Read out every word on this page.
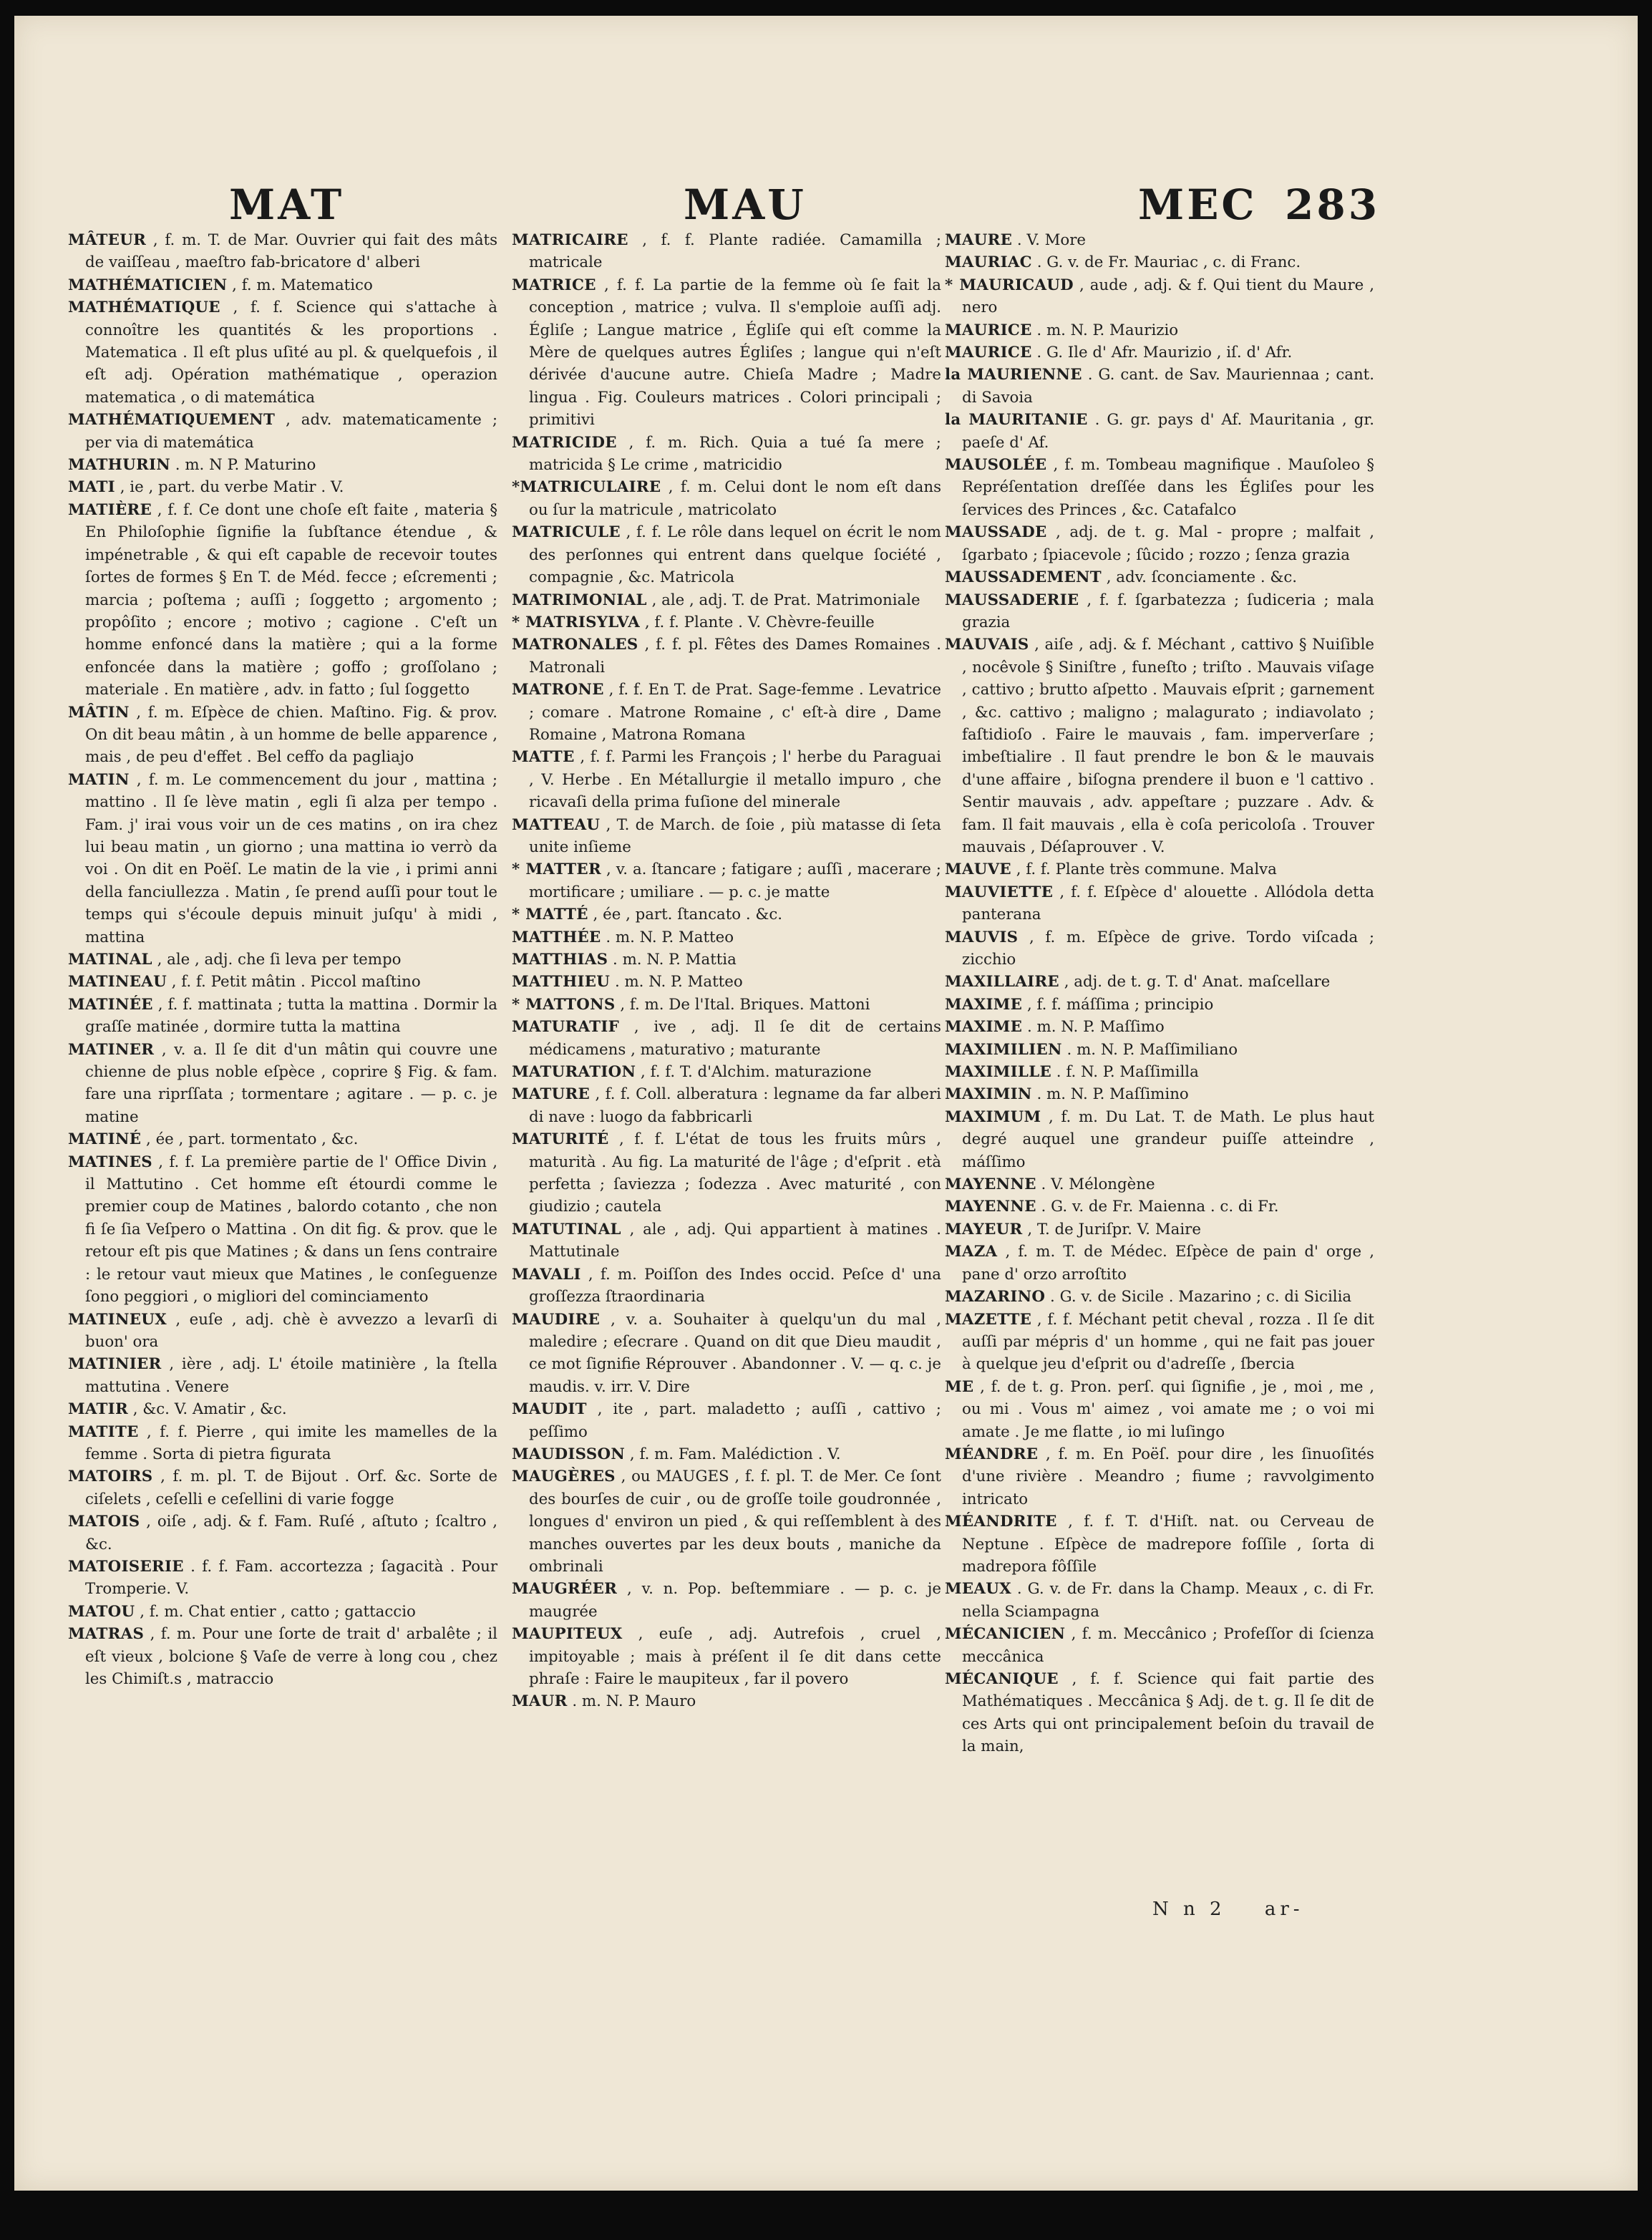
MAT	MAU	MEC 283

MÂTEUR , f. m. T. de Mar. Ouvrier qui fait des mâts de vaiſſeau , maeſtro fab-bricatore d' alberi

MATHÉMATICIEN , f. m. Matematico

MATHÉMATIQUE , f. f. Science qui s'attache à connoître les quantités & les proportions . Matematica . Il eſt plus uſité au pl. & quelquefois , il eſt adj. Opération mathématique , operazion matematica , o di matemática

MATHÉMATIQUEMENT , adv. matematicamente ; per via di matemática

MATHURIN . m. N P. Maturino

MATI , ie , part. du verbe Matir . V.

MATIÈRE , f. f. Ce dont une choſe eſt faite , materia § En Philoſophie ſignifie la ſubſtance étendue , & impénetrable , & qui eſt capable de recevoir toutes ſortes de formes § En T. de Méd. fecce ; eſcrementi ; marcia ; poſtema ; auſſi ; ſoggetto ; argomento ; propôſito ; encore ; motivo ; cagione . C'eſt un homme enfoncé dans la matière ; qui a la forme enfoncée dans la matière ; goffo ; groſſolano ; materiale . En matière , adv. in fatto ; ſul ſoggetto

MÂTIN , f. m. Eſpèce de chien. Maſtino. Fig. & prov. On dit beau mâtin , à un homme de belle apparence , mais , de peu d'effet . Bel ceffo da pagliajo

MATIN , f. m. Le commencement du jour , mattina ; mattino . Il ſe lève matin , egli ſi alza per tempo . Fam. j' irai vous voir un de ces matins , on ira chez lui beau matin , un giorno ; una mattina io verrò da voi . On dit en Poëſ. Le matin de la vie , i primi anni della fanciullezza . Matin , ſe prend auſſi pour tout le temps qui s'écoule depuis minuit juſqu' à midi , mattina

MATINAL , ale , adj. che ſi leva per tempo

MATINEAU , f. f. Petit mâtin . Piccol maſtino

MATINÉE , f. f. mattinata ; tutta la mattina . Dormir la graſſe matinée , dormire tutta la mattina

MATINER , v. a. Il ſe dit d'un mâtin qui couvre une chienne de plus noble eſpèce , coprire § Fig. & fam. fare una riprſſata ; tormentare ; agitare . — p. c. je matine

MATINÉ , ée , part. tormentato , &c.

MATINES , f. f. La première partie de l' Office Divin , il Mattutino . Cet homme eſt étourdi comme le premier coup de Matines , balordo cotanto , che non fi ſe ſia Veſpero o Mattina . On dit fig. & prov. que le retour eſt pis que Matines ; & dans un ſens contraire : le retour vaut mieux que Matines , le conſeguenze ſono peggiori , o migliori del cominciamento

MATINEUX , euſe , adj. chè è avvezzo a levarſi di buon' ora

MATINIER , ière , adj. L' étoile matinière , la ſtella mattutina . Venere

MATIR , &c. V. Amatir , &c.

MATITE , f. f. Pierre , qui imite les mamelles de la femme . Sorta di pietra figurata

MATOIRS , f. m. pl. T. de Bijout . Orf. &c. Sorte de ciſelets , ceſelli e ceſellini di varie fogge

MATOIS , oiſe , adj. & f. Fam. Ruſé , aſtuto ; ſcaltro , &c.

MATOISERIE . f. f. Fam. accortezza ; ſagacità . Pour Tromperie. V.

MATOU , f. m. Chat entier , catto ; gattaccio

MATRAS , f. m. Pour une ſorte de trait d' arbalête ; il eſt vieux , bolcione § Vaſe de verre à long cou , chez les Chimiſt.s , matraccio

MATRICAIRE , f. f. Plante radiée. Camamilla ; matricale

MATRICE , f. f. La partie de la femme où ſe fait la conception , matrice ; vulva. Il s'emploie auſſi adj. Égliſe ; Langue matrice , Égliſe qui eſt comme la Mère de quelques autres Égliſes ; langue qui n'eſt dérivée d'aucune autre. Chieſa Madre ; Madre lingua . Fig. Couleurs matrices . Colori principali ; primitivi

MATRICIDE , f. m. Rich. Quia a tué ſa mere ; matricida § Le crime , matricidio

*MATRICULAIRE , f. m. Celui dont le nom eſt dans ou ſur la matricule , matricolato

MATRICULE , f. f. Le rôle dans lequel on écrit le nom des perſonnes qui entrent dans quelque ſociété , compagnie , &c. Matricola

MATRIMONIAL , ale , adj. T. de Prat. Matrimoniale

* MATRISYLVA , f. f. Plante . V. Chèvre-feuille

MATRONALES , f. f. pl. Fêtes des Dames Romaines . Matronali

MATRONE , f. f. En T. de Prat. Sage-femme . Levatrice ; comare . Matrone Romaine , c' eſt-à dire , Dame Romaine , Matrona Romana

MATTE , f. f. Parmi les François ; l' herbe du Paraguai , V. Herbe . En Métallurgie il metallo impuro , che ricavaſi della prima fuſione del minerale

MATTEAU , T. de March. de ſoie , più matasse di ſeta unite inſieme

* MATTER , v. a. ſtancare ; fatigare ; auſſi , macerare ; mortificare ; umiliare . — p. c. je matte

* MATTÉ , ée , part. ſtancato . &c.

MATTHÉE . m. N. P. Matteo

MATTHIAS . m. N. P. Mattia

MATTHIEU . m. N. P. Matteo

* MATTONS , f. m. De l'Ital. Briques. Mattoni

MATURATIF , ive , adj. Il ſe dit de certains médicamens , maturativo ; maturante

MATURATION , f. f. T. d'Alchim. maturazione

MATURE , f. f. Coll. alberatura : legname da far alberi di nave : luogo da fabbricarli

MATURITÉ , f. f. L'état de tous les fruits mûrs , maturità . Au fig. La maturité de l'âge ; d'eſprit . età perfetta ; ſaviezza ; ſodezza . Avec maturité , con giudizio ; cautela

MATUTINAL , ale , adj. Qui appartient à matines . Mattutinale

MAVALI , f. m. Poiſſon des Indes occid. Peſce d' una groſſezza ſtraordinaria

MAUDIRE , v. a. Souhaiter à quelqu'un du mal , maledire ; eſecrare . Quand on dit que Dieu maudit , ce mot ſignifie Réprouver . Abandonner . V. — q. c. je maudis. v. irr. V. Dire

MAUDIT , ite , part. maladetto ; auſſi , cattivo ; peſſimo

MAUDISSON , f. m. Fam. Malédiction . V.

MAUGÈRES , ou MAUGES , f. f. pl. T. de Mer. Ce ſont des bourſes de cuir , ou de groſſe toile goudronnée , longues d' environ un pied , & qui reſſemblent à des manches ouvertes par les deux bouts , maniche da ombrinali

MAUGRÉER , v. n. Pop. beſtemmiare . — p. c. je maugrée

MAUPITEUX , euſe , adj. Autrefois , cruel , impitoyable ; mais à préſent il ſe dit dans cette phraſe : Faire le maupiteux , far il povero

MAUR . m. N. P. Mauro

MAURE . V. More

MAURIAC . G. v. de Fr. Mauriac , c. di Franc.

* MAURICAUD , aude , adj. & f. Qui tient du Maure , nero

MAURICE . m. N. P. Maurizio

MAURICE . G. Ile d' Afr. Maurizio , iſ. d' Afr.

la MAURIENNE . G. cant. de Sav. Mauriennaa ; cant. di Savoia

la MAURITANIE . G. gr. pays d' Af. Mauritania , gr. paeſe d' Af.

MAUSOLÉE , f. m. Tombeau magnifique . Mauſoleo § Repréſentation dreſſée dans les Égliſes pour les ſervices des Princes , &c. Catafalco

MAUSSADE , adj. de t. g. Mal - propre ; malfait , ſgarbato ; ſpiacevole ; ſûcido ; rozzo ; ſenza grazia

MAUSSADEMENT , adv. ſconciamente . &c.

MAUSSADERIE , f. f. ſgarbatezza ; ſudiceria ; mala grazia

MAUVAIS , aiſe , adj. & f. Méchant , cattivo § Nuiſible , nocêvole § Siniſtre , funeſto ; triſto . Mauvais viſage , cattivo ; brutto aſpetto . Mauvais eſprit ; garnement , &c. cattivo ; maligno ; malagurato ; indiavolato ; faſtidioſo . Faire le mauvais , fam. imperverſare ; imbeſtialire . Il faut prendre le bon & le mauvais d'une affaire , biſogna prendere il buon e 'l cattivo . Sentir mauvais , adv. appeſtare ; puzzare . Adv. & fam. Il fait mauvais , ella è coſa pericoloſa . Trouver mauvais , Déſaprouver . V.

MAUVE , f. f. Plante très commune. Malva

MAUVIETTE , f. f. Eſpèce d' alouette . Allódola detta panterana

MAUVIS , f. m. Eſpèce de grive. Tordo viſcada ; zicchio

MAXILLAIRE , adj. de t. g. T. d' Anat. maſcellare

MAXIME , f. f. máſſima ; principio

MAXIME . m. N. P. Maſſimo

MAXIMILIEN . m. N. P. Maſſimiliano

MAXIMILLE . f. N. P. Maſſimilla

MAXIMIN . m. N. P. Maſſimino

MAXIMUM , f. m. Du Lat. T. de Math. Le plus haut degré auquel une grandeur puiſſe atteindre , máſſimo

MAYENNE . V. Mélongène

MAYENNE . G. v. de Fr. Maienna . c. di Fr.

MAYEUR , T. de Juriſpr. V. Maire

MAZA , f. m. T. de Médec. Eſpèce de pain d' orge , pane d' orzo arroſtito

MAZARINO . G. v. de Sicile . Mazarino ; c. di Sicilia

MAZETTE , f. f. Méchant petit cheval , rozza . Il ſe dit auſſi par mépris d' un homme , qui ne fait pas jouer à quelque jeu d'eſprit ou d'adreſſe , ſbercia

ME , f. de t. g. Pron. perſ. qui ſignifie , je , moi , me , ou mi . Vous m' aimez , voi amate me ; o voi mi amate . Je me flatte , io mi luſingo

MÉANDRE , f. m. En Poëſ. pour dire , les ſinuoſités d'une rivière . Meandro ; fiume ; ravvolgimento intricato

MÉANDRITE , f. f. T. d'Hiſt. nat. ou Cerveau de Neptune . Eſpèce de madrepore foſſile , ſorta di madrepora fôſſile

MEAUX . G. v. de Fr. dans la Champ. Meaux , c. di Fr. nella Sciampagna

MÉCANICIEN , f. m. Meccânico ; Profeſſor di ſcienza meccânica

MÉCANIQUE , f. f. Science qui fait partie des Mathématiques . Meccânica § Adj. de t. g. Il ſe dit de ces Arts qui ont principalement beſoin du travail de la main,

N n 2 ar-
